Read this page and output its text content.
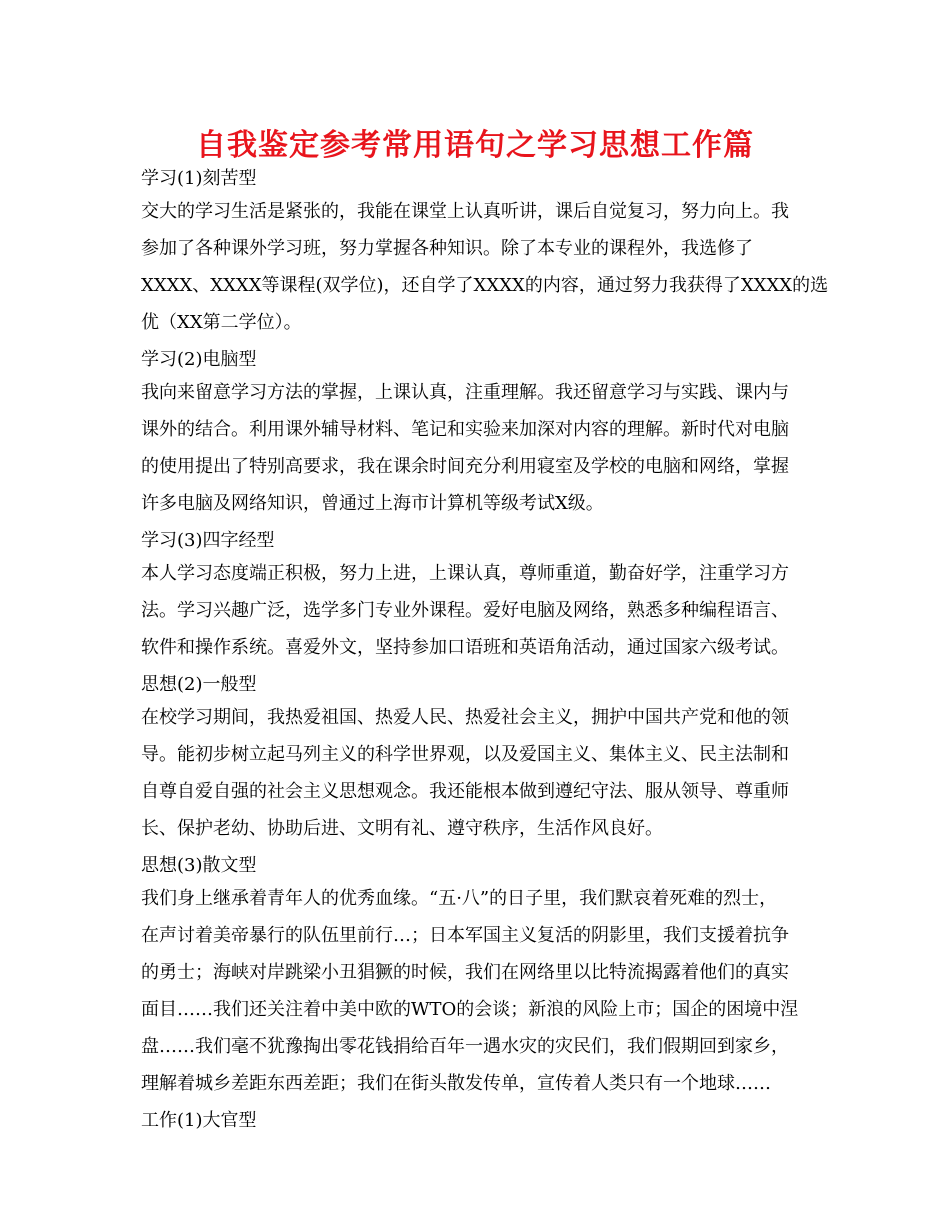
自我鉴定参考常用语句之学习思想工作篇
学习(1)刻苦型
交大的学习生活是紧张的，我能在课堂上认真听讲，课后自觉复习，努力向上。我
参加了各种课外学习班，努力掌握各种知识。除了本专业的课程外，我选修了
XXXX、XXXX等课程(双学位)，还自学了XXXX的内容，通过努力我获得了XXXX的选
优（XX第二学位）。
学习(2)电脑型
我向来留意学习方法的掌握，上课认真，注重理解。我还留意学习与实践、课内与
课外的结合。利用课外辅导材料、笔记和实验来加深对内容的理解。新时代对电脑
的使用提出了特别高要求，我在课余时间充分利用寝室及学校的电脑和网络，掌握
许多电脑及网络知识，曾通过上海市计算机等级考试X级。
学习(3)四字经型
本人学习态度端正积极，努力上进，上课认真，尊师重道，勤奋好学，注重学习方
法。学习兴趣广泛，选学多门专业外课程。爱好电脑及网络，熟悉多种编程语言、
软件和操作系统。喜爱外文，坚持参加口语班和英语角活动，通过国家六级考试。
思想(2)一般型
在校学习期间，我热爱祖国、热爱人民、热爱社会主义，拥护中国共产党和他的领
导。能初步树立起马列主义的科学世界观，以及爱国主义、集体主义、民主法制和
自尊自爱自强的社会主义思想观念。我还能根本做到遵纪守法、服从领导、尊重师
长、保护老幼、协助后进、文明有礼、遵守秩序，生活作风良好。
思想(3)散文型
我们身上继承着青年人的优秀血缘。“五·八”的日子里，我们默哀着死难的烈士，
在声讨着美帝暴行的队伍里前行…；日本军国主义复活的阴影里，我们支援着抗争
的勇士；海峡对岸跳梁小丑猖獗的时候，我们在网络里以比特流揭露着他们的真实
面目……我们还关注着中美中欧的WTO的会谈；新浪的风险上市；国企的困境中涅
盘……我们毫不犹豫掏出零花钱捐给百年一遇水灾的灾民们，我们假期回到家乡，
理解着城乡差距东西差距；我们在街头散发传单，宣传着人类只有一个地球……
工作(1)大官型
